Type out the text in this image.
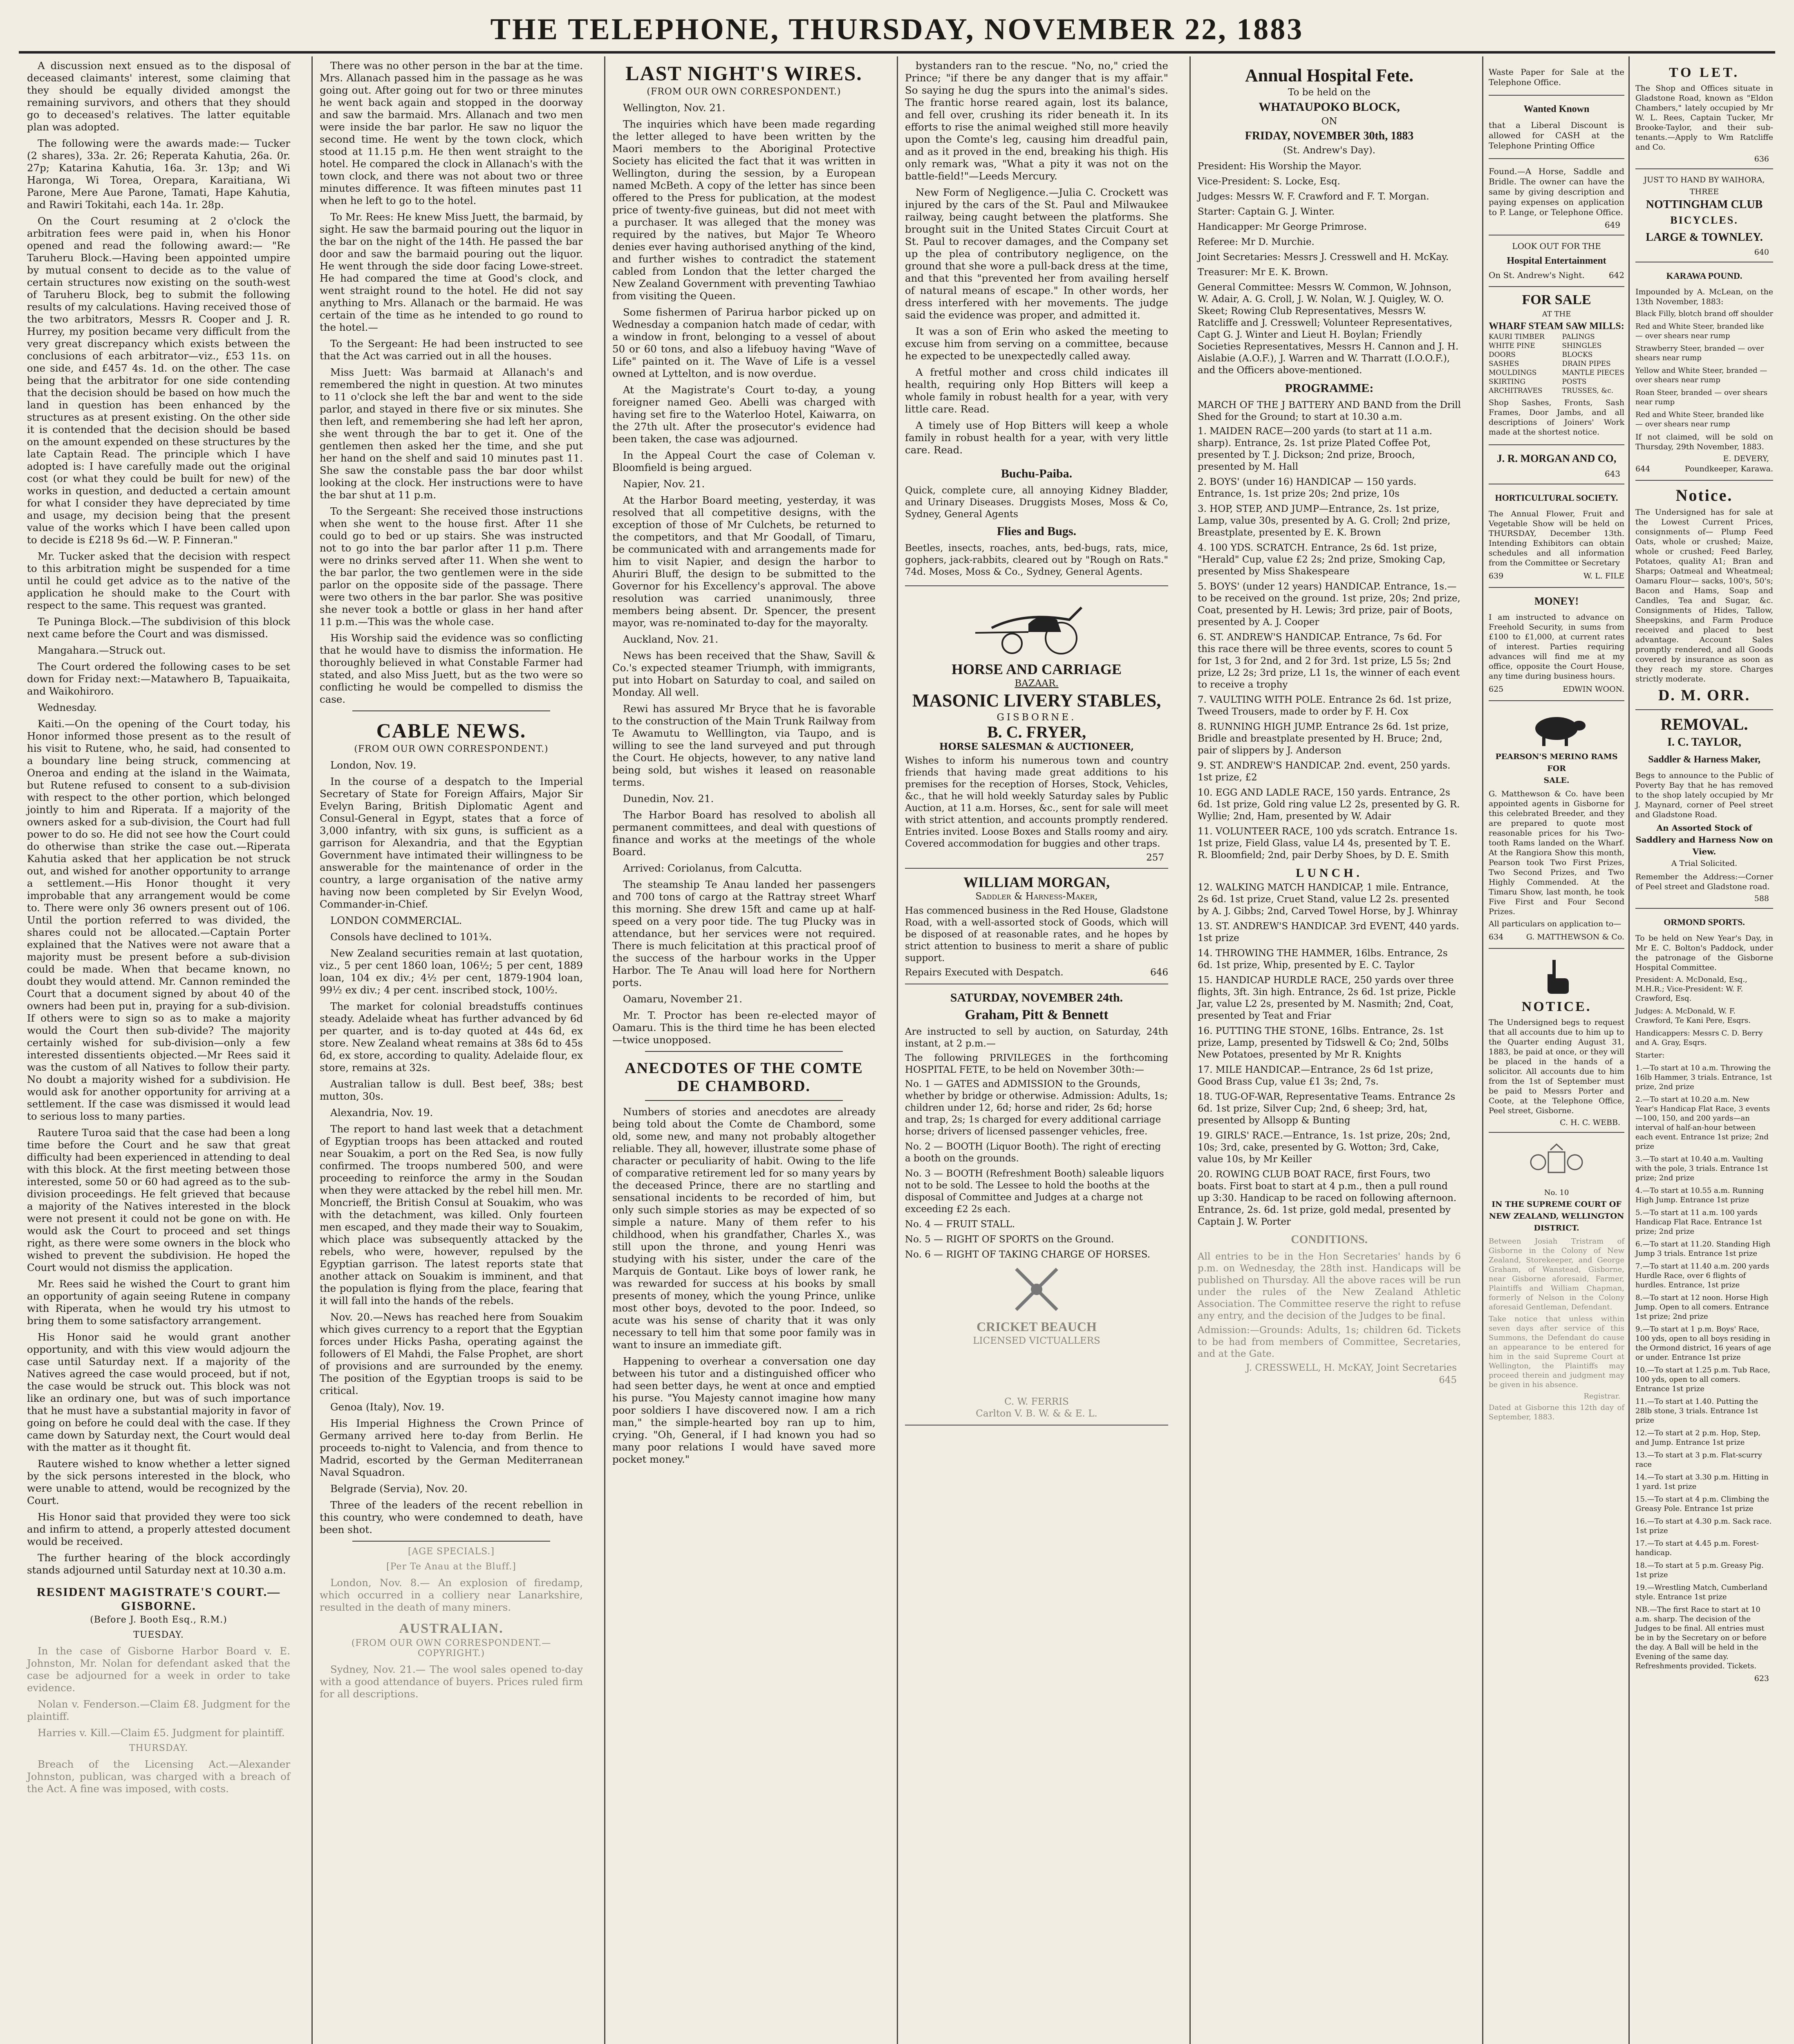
THE TELEPHONE, THURSDAY, NOVEMBER 22, 1883

A discussion next ensued as to the disposal of deceased claimants' interest, some claiming that they should be equally divided amongst the remaining survivors, and others that they should go to deceased's relatives. The latter equitable plan was adopted.

The following were the awards made:— Tucker (2 shares), 33a. 2r. 26; Reperata Kahutia, 26a. 0r. 27p; Katarina Kahutia, 16a. 3r. 13p; and Wi Haronga, Wi Torea, Orepara, Karaitiana, Wi Parone, Mere Aue Parone, Tamati, Hape Kahutia, and Rawiri Tokitahi, each 14a. 1r. 28p.

On the Court resuming at 2 o'clock the arbitration fees were paid in, when his Honor opened and read the following award:— "Re Taruheru Block.—Having been appointed umpire by mutual consent to decide as to the value of certain structures now existing on the south-west of Taruheru Block, beg to submit the following results of my calculations. Having received those of the two arbitrators, Messrs R. Cooper and J. R. Hurrey, my position became very difficult from the very great discrepancy which exists between the conclusions of each arbitrator—viz., £53 11s. on one side, and £457 4s. 1d. on the other. The case being that the arbitrator for one side contending that the decision should be based on how much the land in question has been enhanced by the structures as at present existing. On the other side it is contended that the decision should be based on the amount expended on these structures by the late Captain Read. The principle which I have adopted is: I have carefully made out the original cost (or what they could be built for new) of the works in question, and deducted a certain amount for what I consider they have depreciated by time and usage, my decision being that the present value of the works which I have been called upon to decide is £218 9s 6d.—W. P. Finneran."

Mr. Tucker asked that the decision with respect to this arbitration might be suspended for a time until he could get advice as to the native of the application he should make to the Court with respect to the same. This request was granted.

Te Puninga Block.—The subdivision of this block next came before the Court and was dismissed.

Mangahara.—Struck out.

The Court ordered the following cases to be set down for Friday next:—Matawhero B, Tapuaikaita, and Waikohiroro.

Wednesday.

Kaiti.—On the opening of the Court today, his Honor informed those present as to the result of his visit to Rutene, who, he said, had consented to a boundary line being struck, commencing at Oneroa and ending at the island in the Waimata, but Rutene refused to consent to a sub-division with respect to the other portion, which belonged jointly to him and Riperata. If a majority of the owners asked for a sub-division, the Court had full power to do so. He did not see how the Court could do otherwise than strike the case out.—Riperata Kahutia asked that her application be not struck out, and wished for another opportunity to arrange a settlement.—His Honor thought it very improbable that any arrangement would be come to. There were only 36 owners present out of 106. Until the portion referred to was divided, the shares could not be allocated.—Captain Porter explained that the Natives were not aware that a majority must be present before a sub-division could be made. When that became known, no doubt they would attend. Mr. Cannon reminded the Court that a document signed by about 40 of the owners had been put in, praying for a sub-division. If others were to sign so as to make a majority would the Court then sub-divide? The majority certainly wished for sub-division—only a few interested dissentients objected.—Mr Rees said it was the custom of all Natives to follow their party. No doubt a majority wished for a subdivision. He would ask for another opportunity for arriving at a settlement. If the case was dismissed it would lead to serious loss to many parties.

Rautere Turoa said that the case had been a long time before the Court and he saw that great difficulty had been experienced in attending to deal with this block. At the first meeting between those interested, some 50 or 60 had agreed as to the sub-division proceedings. He felt grieved that because a majority of the Natives interested in the block were not present it could not be gone on with. He would ask the Court to proceed and set things right, as there were some owners in the block who wished to prevent the subdivision. He hoped the Court would not dismiss the application.

Mr. Rees said he wished the Court to grant him an opportunity of again seeing Rutene in company with Riperata, when he would try his utmost to bring them to some satisfactory arrangement.

His Honor said he would grant another opportunity, and with this view would adjourn the case until Saturday next. If a majority of the Natives agreed the case would proceed, but if not, the case would be struck out. This block was not like an ordinary one, but was of such importance that he must have a substantial majority in favor of going on before he could deal with the case. If they came down by Saturday next, the Court would deal with the matter as it thought fit.

Rautere wished to know whether a letter signed by the sick persons interested in the block, who were unable to attend, would be recognized by the Court.

His Honor said that provided they were too sick and infirm to attend, a properly attested document would be received.

The further hearing of the block accordingly stands adjourned until Saturday next at 10.30 a.m.

RESIDENT MAGISTRATE'S COURT.—GISBORNE.
(Before J. Booth Esq., R.M.)
TUESDAY.

In the case of Gisborne Harbor Board v. E. Johnston, Mr. Nolan for defendant asked that the case be adjourned for a week in order to take evidence.

Nolan v. Fenderson.—Claim £8. Judgment for the plaintiff.

Harries v. Kill.—Claim £5. Judgment for plaintiff.

THURSDAY.

Breach of the Licensing Act.—Alexander Johnston, publican, was charged with a breach of the Act. A fine was imposed, with costs.

There was no other person in the bar at the time. Mrs. Allanach passed him in the passage as he was going out. After going out for two or three minutes he went back again and stopped in the doorway and saw the barmaid. Mrs. Allanach and two men were inside the bar parlor. He saw no liquor the second time. He went by the town clock, which stood at 11.15 p.m. He then went straight to the hotel. He compared the clock in Allanach's with the town clock, and there was not about two or three minutes difference. It was fifteen minutes past 11 when he left to go to the hotel.

To Mr. Rees: He knew Miss Juett, the barmaid, by sight. He saw the barmaid pouring out the liquor in the bar on the night of the 14th. He passed the bar door and saw the barmaid pouring out the liquor. He went through the side door facing Lowe-street. He had compared the time at Good's clock, and went straight round to the hotel. He did not say anything to Mrs. Allanach or the barmaid. He was certain of the time as he intended to go round to the hotel.—

To the Sergeant: He had been instructed to see that the Act was carried out in all the houses.

Miss Juett: Was barmaid at Allanach's and remembered the night in question. At two minutes to 11 o'clock she left the bar and went to the side parlor, and stayed in there five or six minutes. She then left, and remembering she had left her apron, she went through the bar to get it. One of the gentlemen then asked her the time, and she put her hand on the shelf and said 10 minutes past 11. She saw the constable pass the bar door whilst looking at the clock. Her instructions were to have the bar shut at 11 p.m.

To the Sergeant: She received those instructions when she went to the house first. After 11 she could go to bed or up stairs. She was instructed not to go into the bar parlor after 11 p.m. There were no drinks served after 11. When she went to the bar parlor, the two gentlemen were in the side parlor on the opposite side of the passage. There were two others in the bar parlor. She was positive she never took a bottle or glass in her hand after 11 p.m.—This was the whole case.

His Worship said the evidence was so conflicting that he would have to dismiss the information. He thoroughly believed in what Constable Farmer had stated, and also Miss Juett, but as the two were so conflicting he would be compelled to dismiss the case.

CABLE NEWS.
(FROM OUR OWN CORRESPONDENT.)

London, Nov. 19.

In the course of a despatch to the Imperial Secretary of State for Foreign Affairs, Major Sir Evelyn Baring, British Diplomatic Agent and Consul-General in Egypt, states that a force of 3,000 infantry, with six guns, is sufficient as a garrison for Alexandria, and that the Egyptian Government have intimated their willingness to be answerable for the maintenance of order in the country, a large organisation of the native army having now been completed by Sir Evelyn Wood, Commander-in-Chief.

LONDON COMMERCIAL.

Consols have declined to 101¾.

New Zealand securities remain at last quotation, viz., 5 per cent 1860 loan, 106½; 5 per cent, 1889 loan, 104 ex div.; 4½ per cent, 1879-1904 loan, 99½ ex div.; 4 per cent. inscribed stock, 100½.

The market for colonial breadstuffs continues steady. Adelaide wheat has further advanced by 6d per quarter, and is to-day quoted at 44s 6d, ex store. New Zealand wheat remains at 38s 6d to 45s 6d, ex store, according to quality. Adelaide flour, ex store, remains at 32s.

Australian tallow is dull. Best beef, 38s; best mutton, 30s.

Alexandria, Nov. 19.

The report to hand last week that a detachment of Egyptian troops has been attacked and routed near Souakim, a port on the Red Sea, is now fully confirmed. The troops numbered 500, and were proceeding to reinforce the army in the Soudan when they were attacked by the rebel hill men. Mr. Moncrieff, the British Consul at Souakim, who was with the detachment, was killed. Only fourteen men escaped, and they made their way to Souakim, which place was subsequently attacked by the rebels, who were, however, repulsed by the Egyptian garrison. The latest reports state that another attack on Souakim is imminent, and that the population is flying from the place, fearing that it will fall into the hands of the rebels.

Nov. 20.—News has reached here from Souakim which gives currency to a report that the Egyptian forces under Hicks Pasha, operating against the followers of El Mahdi, the False Prophet, are short of provisions and are surrounded by the enemy. The position of the Egyptian troops is said to be critical.

Genoa (Italy), Nov. 19.

His Imperial Highness the Crown Prince of Germany arrived here to-day from Berlin. He proceeds to-night to Valencia, and from thence to Madrid, escorted by the German Mediterranean Naval Squadron.

Belgrade (Servia), Nov. 20.

Three of the leaders of the recent rebellion in this country, who were condemned to death, have been shot.

[AGE SPECIALS.]
[Per Te Anau at the Bluff.]

London, Nov. 8.— An explosion of firedamp, which occurred in a colliery near Lanarkshire, resulted in the death of many miners.

AUSTRALIAN.
(FROM OUR OWN CORRESPONDENT.—COPYRIGHT.)

Sydney, Nov. 21.— The wool sales opened to-day with a good attendance of buyers. Prices ruled firm for all descriptions.

LAST NIGHT'S WIRES.
(FROM OUR OWN CORRESPONDENT.)

Wellington, Nov. 21.

The inquiries which have been made regarding the letter alleged to have been written by the Maori members to the Aboriginal Protective Society has elicited the fact that it was written in Wellington, during the session, by a European named McBeth. A copy of the letter has since been offered to the Press for publication, at the modest price of twenty-five guineas, but did not meet with a purchaser. It was alleged that the money was required by the natives, but Major Te Wheoro denies ever having authorised anything of the kind, and further wishes to contradict the statement cabled from London that the letter charged the New Zealand Government with preventing Tawhiao from visiting the Queen.

Some fishermen of Parirua harbor picked up on Wednesday a companion hatch made of cedar, with a window in front, belonging to a vessel of about 50 or 60 tons, and also a lifebuoy having "Wave of Life" painted on it. The Wave of Life is a vessel owned at Lyttelton, and is now overdue.

At the Magistrate's Court to-day, a young foreigner named Geo. Abelli was charged with having set fire to the Waterloo Hotel, Kaiwarra, on the 27th ult. After the prosecutor's evidence had been taken, the case was adjourned.

In the Appeal Court the case of Coleman v. Bloomfield is being argued.

Napier, Nov. 21.

At the Harbor Board meeting, yesterday, it was resolved that all competitive designs, with the exception of those of Mr Culchets, be returned to the competitors, and that Mr Goodall, of Timaru, be communicated with and arrangements made for him to visit Napier, and design the harbor to Ahuriri Bluff, the design to be submitted to the Governor for his Excellency's approval. The above resolution was carried unanimously, three members being absent. Dr. Spencer, the present mayor, was re-nominated to-day for the mayoralty.

Auckland, Nov. 21.

News has been received that the Shaw, Savill & Co.'s expected steamer Triumph, with immigrants, put into Hobart on Saturday to coal, and sailed on Monday. All well.

Rewi has assured Mr Bryce that he is favorable to the construction of the Main Trunk Railway from Te Awamutu to Welllington, via Taupo, and is willing to see the land surveyed and put through the Court. He objects, however, to any native land being sold, but wishes it leased on reasonable terms.

Dunedin, Nov. 21.

The Harbor Board has resolved to abolish all permanent committees, and deal with questions of finance and works at the meetings of the whole Board.

Arrived: Coriolanus, from Calcutta.

The steamship Te Anau landed her passengers and 700 tons of cargo at the Rattray street Wharf this morning. She drew 15ft and came up at half-speed on a very poor tide. The tug Plucky was in attendance, but her services were not required. There is much felicitation at this practical proof of the success of the harbour works in the Upper Harbor. The Te Anau will load here for Northern ports.

Oamaru, November 21.

Mr. T. Proctor has been re-elected mayor of Oamaru. This is the third time he has been elected—twice unopposed.

ANECDOTES OF THE COMTE DE CHAMBORD.

Numbers of stories and anecdotes are already being told about the Comte de Chambord, some old, some new, and many not probably altogether reliable. They all, however, illustrate some phase of character or peculiarity of habit. Owing to the life of comparative retirement led for so many years by the deceased Prince, there are no startling and sensational incidents to be recorded of him, but only such simple stories as may be expected of so simple a nature. Many of them refer to his childhood, when his grandfather, Charles X., was still upon the throne, and young Henri was studying with his sister, under the care of the Marquis de Gontaut. Like boys of lower rank, he was rewarded for success at his books by small presents of money, which the young Prince, unlike most other boys, devoted to the poor. Indeed, so acute was his sense of charity that it was only necessary to tell him that some poor family was in want to insure an immediate gift.

Happening to overhear a conversation one day between his tutor and a distinguished officer who had seen better days, he went at once and emptied his purse. "You Majesty cannot imagine how many poor soldiers I have discovered now. I am a rich man," the simple-hearted boy ran up to him, crying. "Oh, General, if I had known you had so many poor relations I would have saved more pocket money."

bystanders ran to the rescue. "No, no," cried the Prince; "if there be any danger that is my affair." So saying he dug the spurs into the animal's sides. The frantic horse reared again, lost its balance, and fell over, crushing its rider beneath it. In its efforts to rise the animal weighed still more heavily upon the Comte's leg, causing him dreadful pain, and as it proved in the end, breaking his thigh. His only remark was, "What a pity it was not on the battle-field!"—Leeds Mercury.

New Form of Negligence.—Julia C. Crockett was injured by the cars of the St. Paul and Milwaukee railway, being caught between the platforms. She brought suit in the United States Circuit Court at St. Paul to recover damages, and the Company set up the plea of contributory negligence, on the ground that she wore a pull-back dress at the time, and that this "prevented her from availing herself of natural means of escape." In other words, her dress interfered with her movements. The judge said the evidence was proper, and admitted it.

It was a son of Erin who asked the meeting to excuse him from serving on a committee, because he expected to be unexpectedly called away.

A fretful mother and cross child indicates ill health, requiring only Hop Bitters will keep a whole family in robust health for a year, with very little care. Read.

A timely use of Hop Bitters will keep a whole family in robust health for a year, with very little care. Read.

Buchu-Paiba.
Quick, complete cure, all annoying Kidney Bladder, and Urinary Diseases. Druggists Moses, Moss & Co, Sydney, General Agents
Flies and Bugs.
Beetles, insects, roaches, ants, bed-bugs, rats, mice, gophers, jack-rabbits, cleared out by "Rough on Rats." 74d. Moses, Moss & Co., Sydney, General Agents.
HORSE AND CARRIAGE
BAZAAR.
MASONIC LIVERY STABLES,
GISBORNE.
B. C. FRYER,
HORSE SALESMAN & AUCTIONEER,
Wishes to inform his numerous town and country friends that having made great additions to his premises for the reception of Horses, Stock, Vehicles, &c., that he will hold weekly Saturday sales by Public Auction, at 11 a.m. Horses, &c., sent for sale will meet with strict attention, and accounts promptly rendered. Entries invited. Loose Boxes and Stalls roomy and airy. Covered accommodation for buggies and other traps.
257
WILLIAM MORGAN,
Saddler & Harness-Maker,
Has commenced business in the Red House, Gladstone Road, with a well-assorted stock of Goods, which will be disposed of at reasonable rates, and he hopes by strict attention to business to merit a share of public support.
Repairs Executed with Despatch.	646
SATURDAY, NOVEMBER 24th.
Graham, Pitt & Bennett
Are instructed to sell by auction, on Saturday, 24th instant, at 2 p.m.—
The following PRIVILEGES in the forthcoming HOSPITAL FETE, to be held on November 30th:—
No. 1 — GATES and ADMISSION to the Grounds, whether by bridge or otherwise. Admission: Adults, 1s; children under 12, 6d; horse and rider, 2s 6d; horse and trap, 2s; 1s charged for every additional carriage horse; drivers of licensed passenger vehicles, free.
No. 2 — BOOTH (Liquor Booth). The right of erecting a booth on the grounds.
No. 3 — BOOTH (Refreshment Booth) saleable liquors not to be sold. The Lessee to hold the booths at the disposal of Committee and Judges at a charge not exceeding £2 2s each.
No. 4 — FRUIT STALL.
No. 5 — RIGHT OF SPORTS on the Ground.
No. 6 — RIGHT OF TAKING CHARGE OF HORSES.
CRICKET BEAUCH
LICENSED VICTUALLERS
C. W. FERRIS
Carlton V. B. W. & & E. L.
Annual Hospital Fete.
To be held on the
WHATAUPOKO BLOCK,
ON
FRIDAY, NOVEMBER 30th, 1883
(St. Andrew's Day).
President: His Worship the Mayor.
Vice-President: S. Locke, Esq.
Judges: Messrs W. F. Crawford and F. T. Morgan.
Starter: Captain G. J. Winter.
Handicapper: Mr George Primrose.
Referee: Mr D. Murchie.
Joint Secretaries: Messrs J. Cresswell and H. McKay.
Treasurer: Mr E. K. Brown.
General Committee: Messrs W. Common, W. Johnson, W. Adair, A. G. Croll, J. W. Nolan, W. J. Quigley, W. O. Skeet; Rowing Club Representatives, Messrs W. Ratcliffe and J. Cresswell; Volunteer Representatives, Capt G. J. Winter and Lieut H. Boylan; Friendly Societies Representatives, Messrs H. Cannon and J. H. Aislabie (A.O.F.), J. Warren and W. Tharratt (I.O.O.F.), and the Officers above-mentioned.
PROGRAMME:
MARCH OF THE J BATTERY AND BAND from the Drill Shed for the Ground; to start at 10.30 a.m.
1. MAIDEN RACE—200 yards (to start at 11 a.m. sharp). Entrance, 2s. 1st prize Plated Coffee Pot, presented by T. J. Dickson; 2nd prize, Brooch, presented by M. Hall
2. BOYS' (under 16) HANDICAP — 150 yards. Entrance, 1s. 1st prize 20s; 2nd prize, 10s
3. HOP, STEP, AND JUMP—Entrance, 2s. 1st prize, Lamp, value 30s, presented by A. G. Croll; 2nd prize, Breastplate, presented by E. K. Brown
4. 100 YDS. SCRATCH. Entrance, 2s 6d. 1st prize, "Herald" Cup, value £2 2s; 2nd prize, Smoking Cap, presented by Miss Shakespeare
5. BOYS' (under 12 years) HANDICAP. Entrance, 1s.—to be received on the ground. 1st prize, 20s; 2nd prize, Coat, presented by H. Lewis; 3rd prize, pair of Boots, presented by A. J. Cooper
6. ST. ANDREW'S HANDICAP. Entrance, 7s 6d. For this race there will be three events, scores to count 5 for 1st, 3 for 2nd, and 2 for 3rd. 1st prize, L5 5s; 2nd prize, L2 2s; 3rd prize, L1 1s, the winner of each event to receive a trophy
7. VAULTING WITH POLE. Entrance 2s 6d. 1st prize, Tweed Trousers, made to order by F. H. Cox
8. RUNNING HIGH JUMP. Entrance 2s 6d. 1st prize, Bridle and breastplate presented by H. Bruce; 2nd, pair of slippers by J. Anderson
9. ST. ANDREW'S HANDICAP. 2nd. event, 250 yards. 1st prize, £2
10. EGG AND LADLE RACE, 150 yards. Entrance, 2s 6d. 1st prize, Gold ring value L2 2s, presented by G. R. Wyllie; 2nd, Ham, presented by W. Adair
11. VOLUNTEER RACE, 100 yds scratch. Entrance 1s. 1st prize, Field Glass, value L4 4s, presented by T. E. R. Bloomfield; 2nd, pair Derby Shoes, by D. E. Smith
LUNCH.
12. WALKING MATCH HANDICAP, 1 mile. Entrance, 2s 6d. 1st prize, Cruet Stand, value L2 2s. presented by A. J. Gibbs; 2nd, Carved Towel Horse, by J. Whinray
13. ST. ANDREW'S HANDICAP. 3rd EVENT, 440 yards. 1st prize
14. THROWING THE HAMMER, 16lbs. Entrance, 2s 6d. 1st prize, Whip, presented by E. C. Taylor
15. HANDICAP HURDLE RACE, 250 yards over three flights, 3ft. 3in high. Entrance, 2s 6d. 1st prize, Pickle Jar, value L2 2s, presented by M. Nasmith; 2nd, Coat, presented by Teat and Friar
16. PUTTING THE STONE, 16lbs. Entrance, 2s. 1st prize, Lamp, presented by Tidswell & Co; 2nd, 50lbs New Potatoes, presented by Mr R. Knights
17. MILE HANDICAP.—Entrance, 2s 6d 1st prize, Good Brass Cup, value £1 3s; 2nd, 7s.
18. TUG-OF-WAR, Representative Teams. Entrance 2s 6d. 1st prize, Silver Cup; 2nd, 6 sheep; 3rd, hat, presented by Allsopp & Bunting
19. GIRLS' RACE.—Entrance, 1s. 1st prize, 20s; 2nd, 10s; 3rd, cake, presented by G. Wotton; 3rd, Cake, value 10s, by Mr Keiller
20. ROWING CLUB BOAT RACE, first Fours, two boats. First boat to start at 4 p.m., then a pull round up 3:30. Handicap to be raced on following afternoon. Entrance, 2s. 6d. 1st prize, gold medal, presented by Captain J. W. Porter
CONDITIONS.
All entries to be in the Hon Secretaries' hands by 6 p.m. on Wednesday, the 28th inst. Handicaps will be published on Thursday. All the above races will be run under the rules of the New Zealand Athletic Association. The Committee reserve the right to refuse any entry, and the decision of the Judges to be final.
Admission:—Grounds: Adults, 1s; children 6d. Tickets to be had from members of Committee, Secretaries, and at the Gate.
J. CRESSWELL, H. McKAY, Joint Secretaries
645
Waste Paper for Sale at the Telephone Office.
Wanted Known
that a Liberal Discount is allowed for CASH at the Telephone Printing Office
Found.—A Horse, Saddle and Bridle. The owner can have the same by giving description and paying expenses on application to P. Lange, or Telephone Office.
649
LOOK OUT FOR THE
Hospital Entertainment
On St. Andrew's Night.	642
FOR SALE
AT THE
WHARF STEAM SAW MILLS:
KAURI TIMBER
WHITE PINE
DOORS
SASHES
MOULDINGS
SKIRTING
ARCHITRAVES
PALINGS
SHINGLES
BLOCKS
DRAIN PIPES
MANTLE PIECES
POSTS
TRUSSES, &c.
Shop Sashes, Fronts, Sash Frames, Door Jambs, and all descriptions of Joiners' Work made at the shortest notice.
J. R. MORGAN AND CO,
643
HORTICULTURAL SOCIETY.
The Annual Flower, Fruit and Vegetable Show will be held on THURSDAY, December 13th. Intending Exhibitors can obtain schedules and all information from the Committee or Secretary
639	W. L. FILE
MONEY!
I am instructed to advance on Freehold Security, in sums from £100 to £1,000, at current rates of interest. Parties requiring advances will find me at my office, opposite the Court House, any time during business hours.
625	EDWIN WOON.
PEARSON'S MERINO RAMS FOR
SALE.
G. Matthewson & Co. have been appointed agents in Gisborne for this celebrated Breeder, and they are prepared to quote most reasonable prices for his Two-tooth Rams landed on the Wharf. At the Rangiora Show this month, Pearson took Two First Prizes, Two Second Prizes, and Two Highly Commended. At the Timaru Show, last month, he took Five First and Four Second Prizes.
All particulars on application to—
634	G. MATTHEWSON & Co.
NOTICE.
The Undersigned begs to request that all accounts due to him up to the Quarter ending August 31, 1883, be paid at once, or they will be placed in the hands of a solicitor. All accounts due to him from the 1st of September must be paid to Messrs Porter and Coote, at the Telephone Office, Peel street, Gisborne.
C. H. C. WEBB.
No. 10
IN THE SUPREME COURT OF NEW ZEALAND, WELLINGTON DISTRICT.
Between Josiah Tristram of Gisborne in the Colony of New Zealand, Storekeeper, and George Graham, of Wanstead, Gisborne, near Gisborne aforesaid, Farmer, Plaintiffs and William Chapman, formerly of Nelson in the Colony aforesaid Gentleman, Defendant.
Take notice that unless within seven days after service of this Summons, the Defendant do cause an appearance to be entered for him in the said Supreme Court at Wellington, the Plaintiffs may proceed therein and judgment may be given in his absence.
Registrar.
Dated at Gisborne this 12th day of September, 1883.
TO LET.
The Shop and Offices situate in Gladstone Road, known as "Eldon Chambers," lately occupied by Mr W. L. Rees, Captain Tucker, Mr Brooke-Taylor, and their sub-tenants.—Apply to Wm Ratcliffe and Co.
636
JUST TO HAND BY WAIHORA,
THREE
NOTTINGHAM CLUB
BICYCLES.
LARGE & TOWNLEY.
640
KARAWA POUND.
Impounded by A. McLean, on the 13th November, 1883:
Black Filly, blotch brand off shoulder
Red and White Steer, branded like — over shears near rump
Strawberry Steer, branded — over shears near rump
Yellow and White Steer, branded — over shears near rump
Roan Steer, branded — over shears near rump
Red and White Steer, branded like — over shears near rump
If not claimed, will be sold on Thursday, 29th November, 1883.
E. DEVERY,
644	Poundkeeper, Karawa.
Notice.
The Undersigned has for sale at the Lowest Current Prices, consignments of— Plump Feed Oats, whole or crushed; Maize, whole or crushed; Feed Barley, Potatoes, quality A1; Bran and Sharps; Oatmeal and Wheatmeal; Oamaru Flour— sacks, 100's, 50's; Bacon and Hams, Soap and Candles, Tea and Sugar, &c. Consignments of Hides, Tallow, Sheepskins, and Farm Produce received and placed to best advantage. Account Sales promptly rendered, and all Goods covered by insurance as soon as they reach my store. Charges strictly moderate.
D. M. ORR.
REMOVAL.
I. C. TAYLOR,
Saddler & Harness Maker,
Begs to announce to the Public of Poverty Bay that he has removed to the shop lately occupied by Mr J. Maynard, corner of Peel street and Gladstone Road.
An Assorted Stock of Saddlery and Harness Now on View.
A Trial Solicited.
Remember the Address:—Corner of Peel street and Gladstone road.
588
ORMOND SPORTS.
To be held on New Year's Day, in Mr E. C. Bolton's Paddock, under the patronage of the Gisborne Hospital Committee.
President: A. McDonald, Esq., M.H.R.; Vice-President: W. F. Crawford, Esq.
Judges: A. McDonald, W. F. Crawford, Te Kani Pere, Esqrs.
Handicappers: Messrs C. D. Berry and A. Gray, Esqrs.
Starter:
1.—To start at 10 a.m. Throwing the 16lb Hammer, 3 trials. Entrance, 1st prize, 2nd prize
2.—To start at 10.20 a.m. New Year's Handicap Flat Race, 3 events—100, 150, and 200 yards—an interval of half-an-hour between each event. Entrance 1st prize; 2nd prize
3.—To start at 10.40 a.m. Vaulting with the pole, 3 trials. Entrance 1st prize; 2nd prize
4.—To start at 10.55 a.m. Running High Jump. Entrance 1st prize
5.—To start at 11 a.m. 100 yards Handicap Flat Race. Entrance 1st prize; 2nd prize
6.—To start at 11.20. Standing High Jump 3 trials. Entrance 1st prize
7.—To start at 11.40 a.m. 200 yards Hurdle Race, over 6 flights of hurdles. Entrance, 1st prize
8.—To start at 12 noon. Horse High Jump. Open to all comers. Entrance 1st prize; 2nd prize
9.—To start at 1 p.m. Boys' Race, 100 yds, open to all boys residing in the Ormond district, 16 years of age or under. Entrance 1st prize
10.—To start at 1.25 p.m. Tub Race, 100 yds, open to all comers. Entrance 1st prize
11.—To start at 1.40. Putting the 28lb stone, 3 trials. Entrance 1st prize
12.—To start at 2 p.m. Hop, Step, and Jump. Entrance 1st prize
13.—To start at 3 p.m. Flat-scurry race
14.—To start at 3.30 p.m. Hitting in 1 yard. 1st prize
15.—To start at 4 p.m. Climbing the Greasy Pole. Entrance 1st prize
16.—To start at 4.30 p.m. Sack race. 1st prize
17.—To start at 4.45 p.m. Forest-handicap.
18.—To start at 5 p.m. Greasy Pig. 1st prize
19.—Wrestling Match, Cumberland style. Entrance 1st prize
NB.—The first Race to start at 10 a.m. sharp. The decision of the Judges to be final. All entries must be in by the Secretary on or before the day. A Ball will be held in the Evening of the same day. Refreshments provided. Tickets.
623
